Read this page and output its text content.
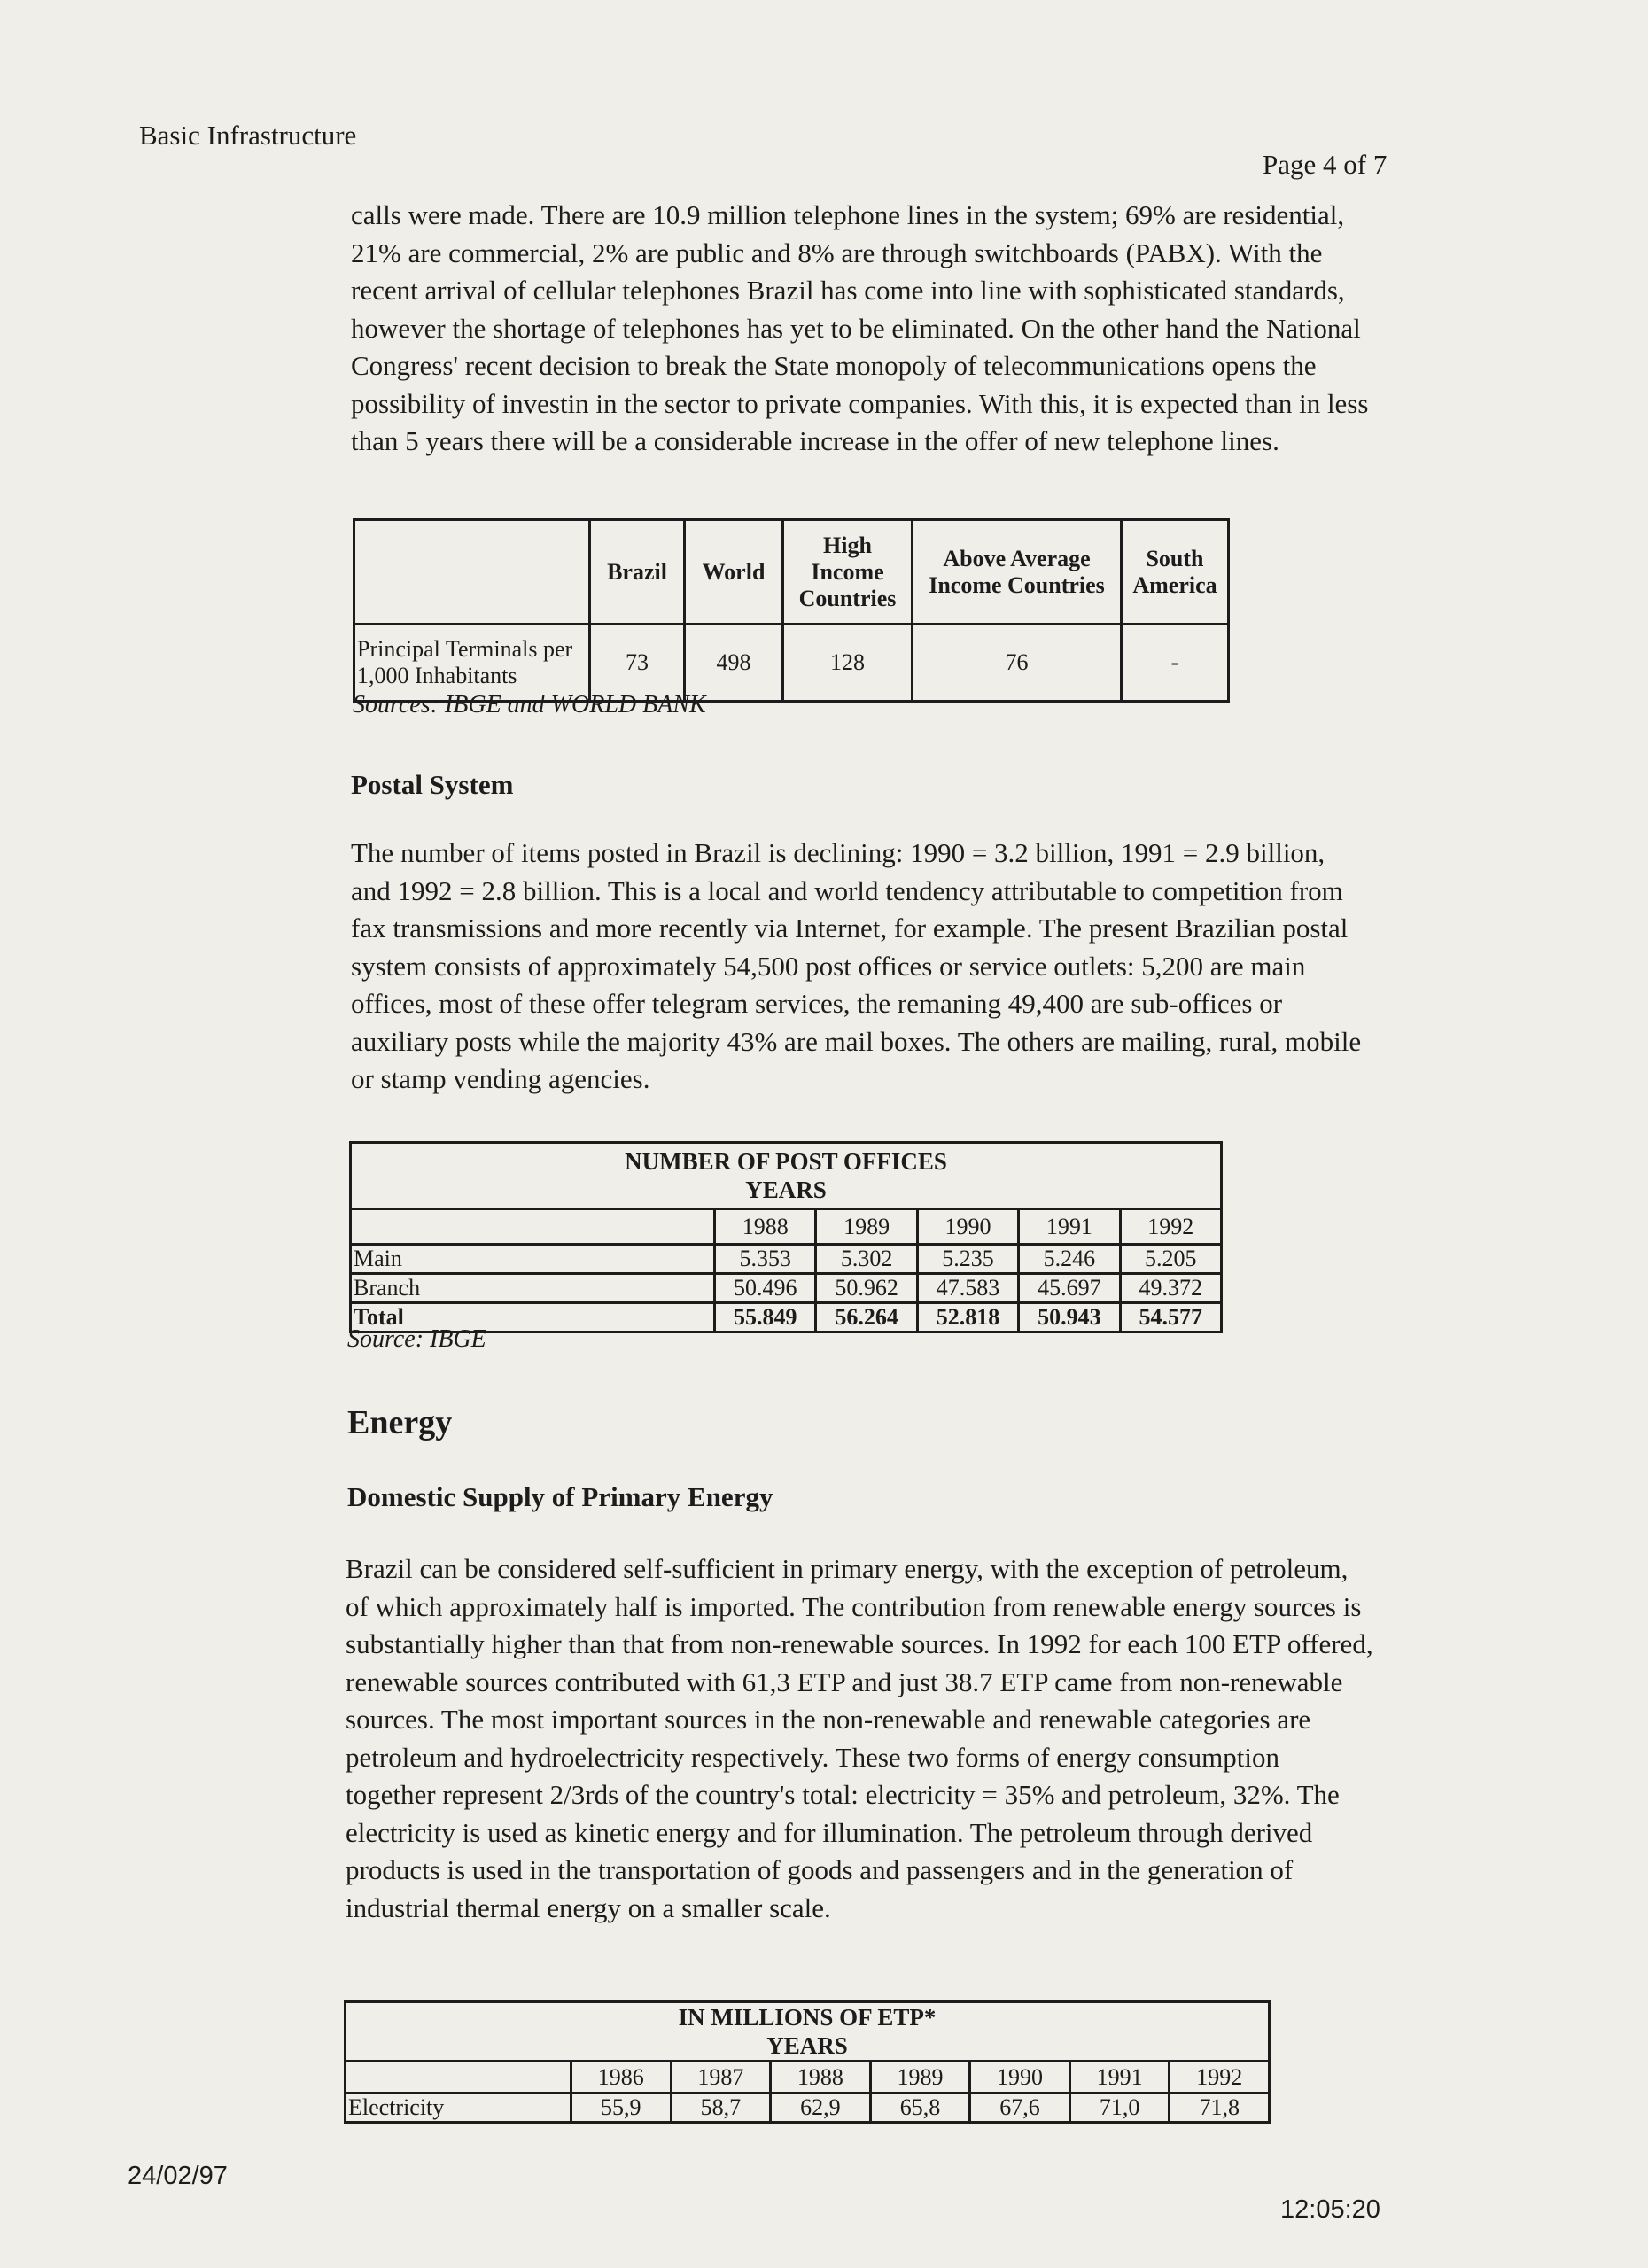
Basic Infrastructure
Page 4 of 7

calls were made. There are 10.9 million telephone lines in the system; 69% are residential, 21% are commercial, 2% are public and 8% are through switchboards (PABX). With the recent arrival of cellular telephones Brazil has come into line with sophisticated standards, however the shortage of telephones has yet to be eliminated. On the other hand the National Congress' recent decision to break the State monopoly of telecommunications opens the possibility of investin in the sector to private companies. With this, it is expected than in less than 5 years there will be a considerable increase in the offer of new telephone lines.

	Brazil	World	High Income Countries	Above Average Income Countries	South America
Principal Terminals per 1,000 Inhabitants	73	498	128	76	-
Sources: IBGE and WORLD BANK
Postal System

The number of items posted in Brazil is declining: 1990 = 3.2 billion, 1991 = 2.9 billion, and 1992 = 2.8 billion. This is a local and world tendency attributable to competition from fax transmissions and more recently via Internet, for example. The present Brazilian postal system consists of approximately 54,500 post offices or service outlets: 5,200 are main offices, most of these offer telegram services, the remaning 49,400 are sub-offices or auxiliary posts while the majority 43% are mail boxes. The others are mailing, rural, mobile or stamp vending agencies.

NUMBER OF POST OFFICES
YEARS					

	1988	1989	1990	1991	1992
Main	5.353	5.302	5.235	5.246	5.205
Branch	50.496	50.962	47.583	45.697	49.372
Total	55.849	56.264	52.818	50.943	54.577
Source: IBGE
Energy
Domestic Supply of Primary Energy

Brazil can be considered self-sufficient in primary energy, with the exception of petroleum, of which approximately half is imported. The contribution from renewable energy sources is substantially higher than that from non-renewable sources. In 1992 for each 100 ETP offered, renewable sources contributed with 61,3 ETP and just 38.7 ETP came from non-renewable sources. The most important sources in the non-renewable and renewable categories are petroleum and hydroelectricity respectively. These two forms of energy consumption together represent 2/3rds of the country's total: electricity = 35% and petroleum, 32%. The electricity is used as kinetic energy and for illumination. The petroleum through derived products is used in the transportation of goods and passengers and in the generation of industrial thermal energy on a smaller scale.

IN MILLIONS OF ETP*
YEARS							

	1986	1987	1988	1989	1990	1991	1992
Electricity	55,9	58,7	62,9	65,8	67,6	71,0	71,8
24/02/97
12:05:20
